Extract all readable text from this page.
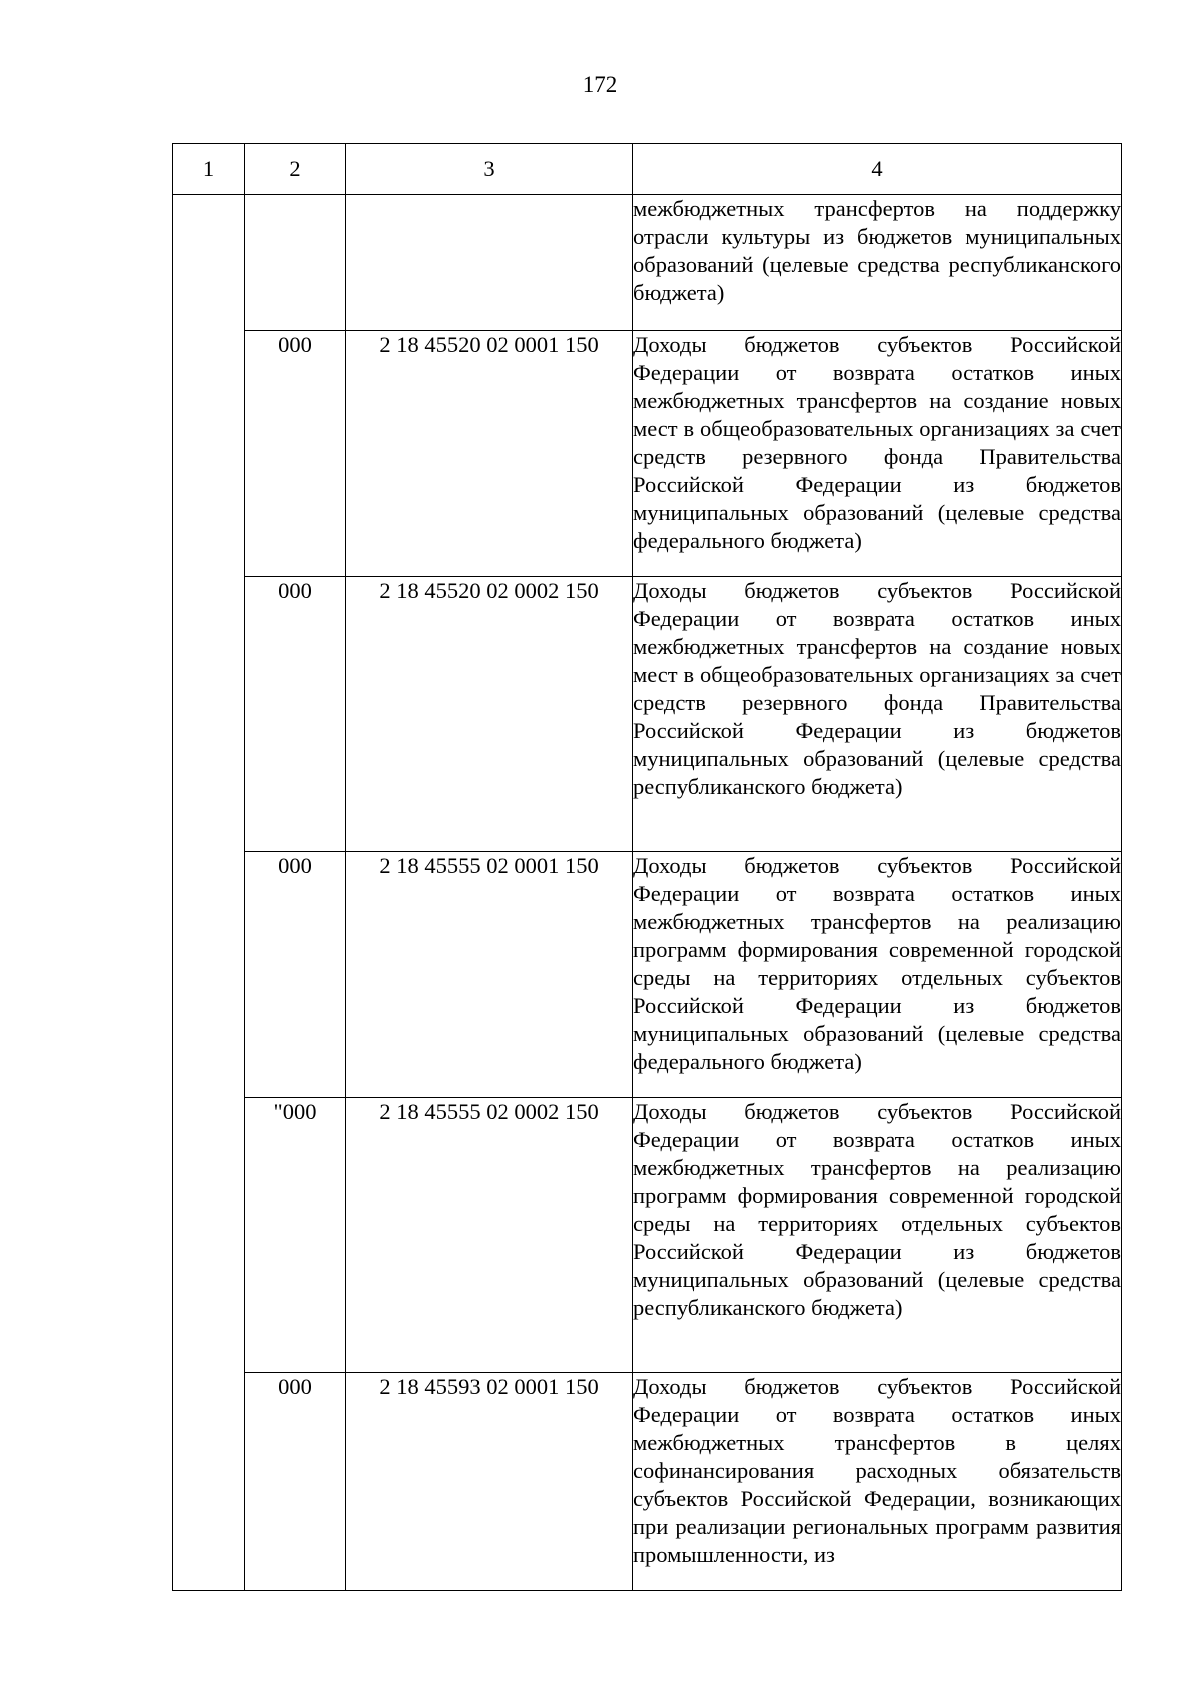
172
1	2	3	4

			межбюджетных трансфертов на поддержку отрасли культуры из бюджетов муниципальных образований (целевые средства республиканского бюджета)

	000	2 18 45520 02 0001 150	Доходы бюджетов субъектов Российской Федерации от возврата остатков иных межбюджетных трансфертов на создание новых мест в общеобразовательных организациях за счет средств резервного фонда Правительства Российской Федерации из бюджетов муниципальных образований (целевые средства федерального бюджета)

	000	2 18 45520 02 0002 150	Доходы бюджетов субъектов Российской Федерации от возврата остатков иных межбюджетных трансфертов на создание новых мест в общеобразовательных организациях за счет средств резервного фонда Правительства Российской Федерации из бюджетов муниципальных образований (целевые средства республиканского бюджета)

	000	2 18 45555 02 0001 150	Доходы бюджетов субъектов Российской Федерации от возврата остатков иных межбюджетных трансфертов на реализацию программ формирования современной городской среды на территориях отдельных субъектов Российской Федерации из бюджетов муниципальных образований (целевые средства федерального бюджета)

	"000	2 18 45555 02 0002 150	Доходы бюджетов субъектов Российской Федерации от возврата остатков иных межбюджетных трансфертов на реализацию программ формирования современной городской среды на территориях отдельных субъектов Российской Федерации из бюджетов муниципальных образований (целевые средства республиканского бюджета)

	000	2 18 45593 02 0001 150	Доходы бюджетов субъектов Российской Федерации от возврата остатков иных межбюджетных трансфертов в целях софинансирования расходных обязательств субъектов Российской Федерации, возникающих при реализации региональных программ развития промышленности, из
